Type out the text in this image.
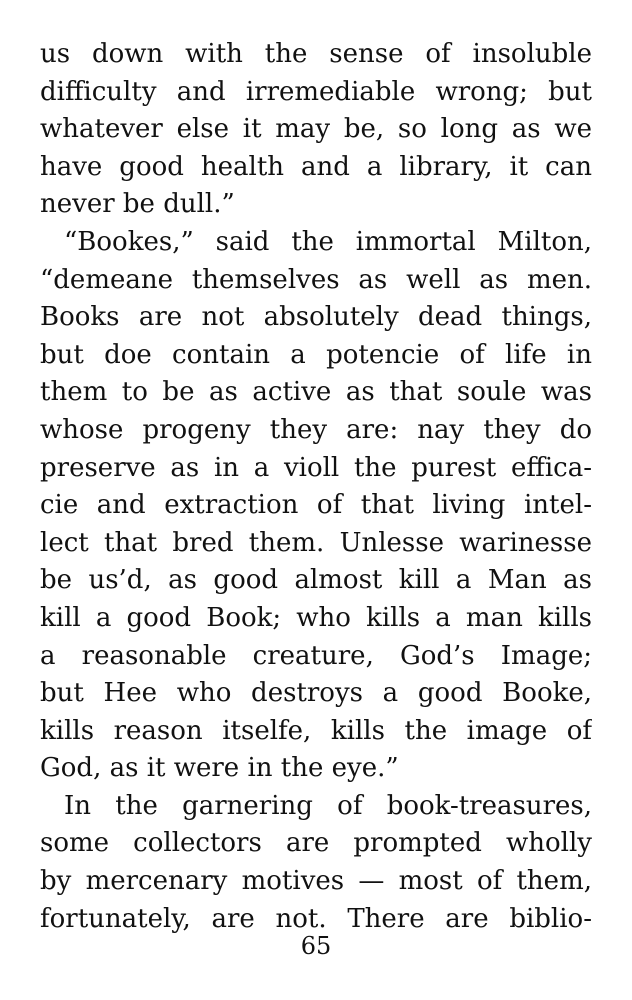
us down with the sense of insoluble
difficulty and irremediable wrong; but
whatever else it may be, so long as we
have good health and a library, it can
never be dull.”
“Bookes,” said the immortal Milton,
“demeane themselves as well as men.
Books are not absolutely dead things,
but doe contain a potencie of life in
them to be as active as that soule was
whose progeny they are: nay they do
preserve as in a violl the purest effica-
cie and extraction of that living intel-
lect that bred them. Unlesse warinesse
be us’d, as good almost kill a Man as
kill a good Book; who kills a man kills
a reasonable creature, God’s Image;
but Hee who destroys a good Booke,
kills reason itselfe, kills the image of
God, as it were in the eye.”
In the garnering of book-treasures,
some collectors are prompted wholly
by mercenary motives — most of them,
fortunately, are not. There are biblio-
65
